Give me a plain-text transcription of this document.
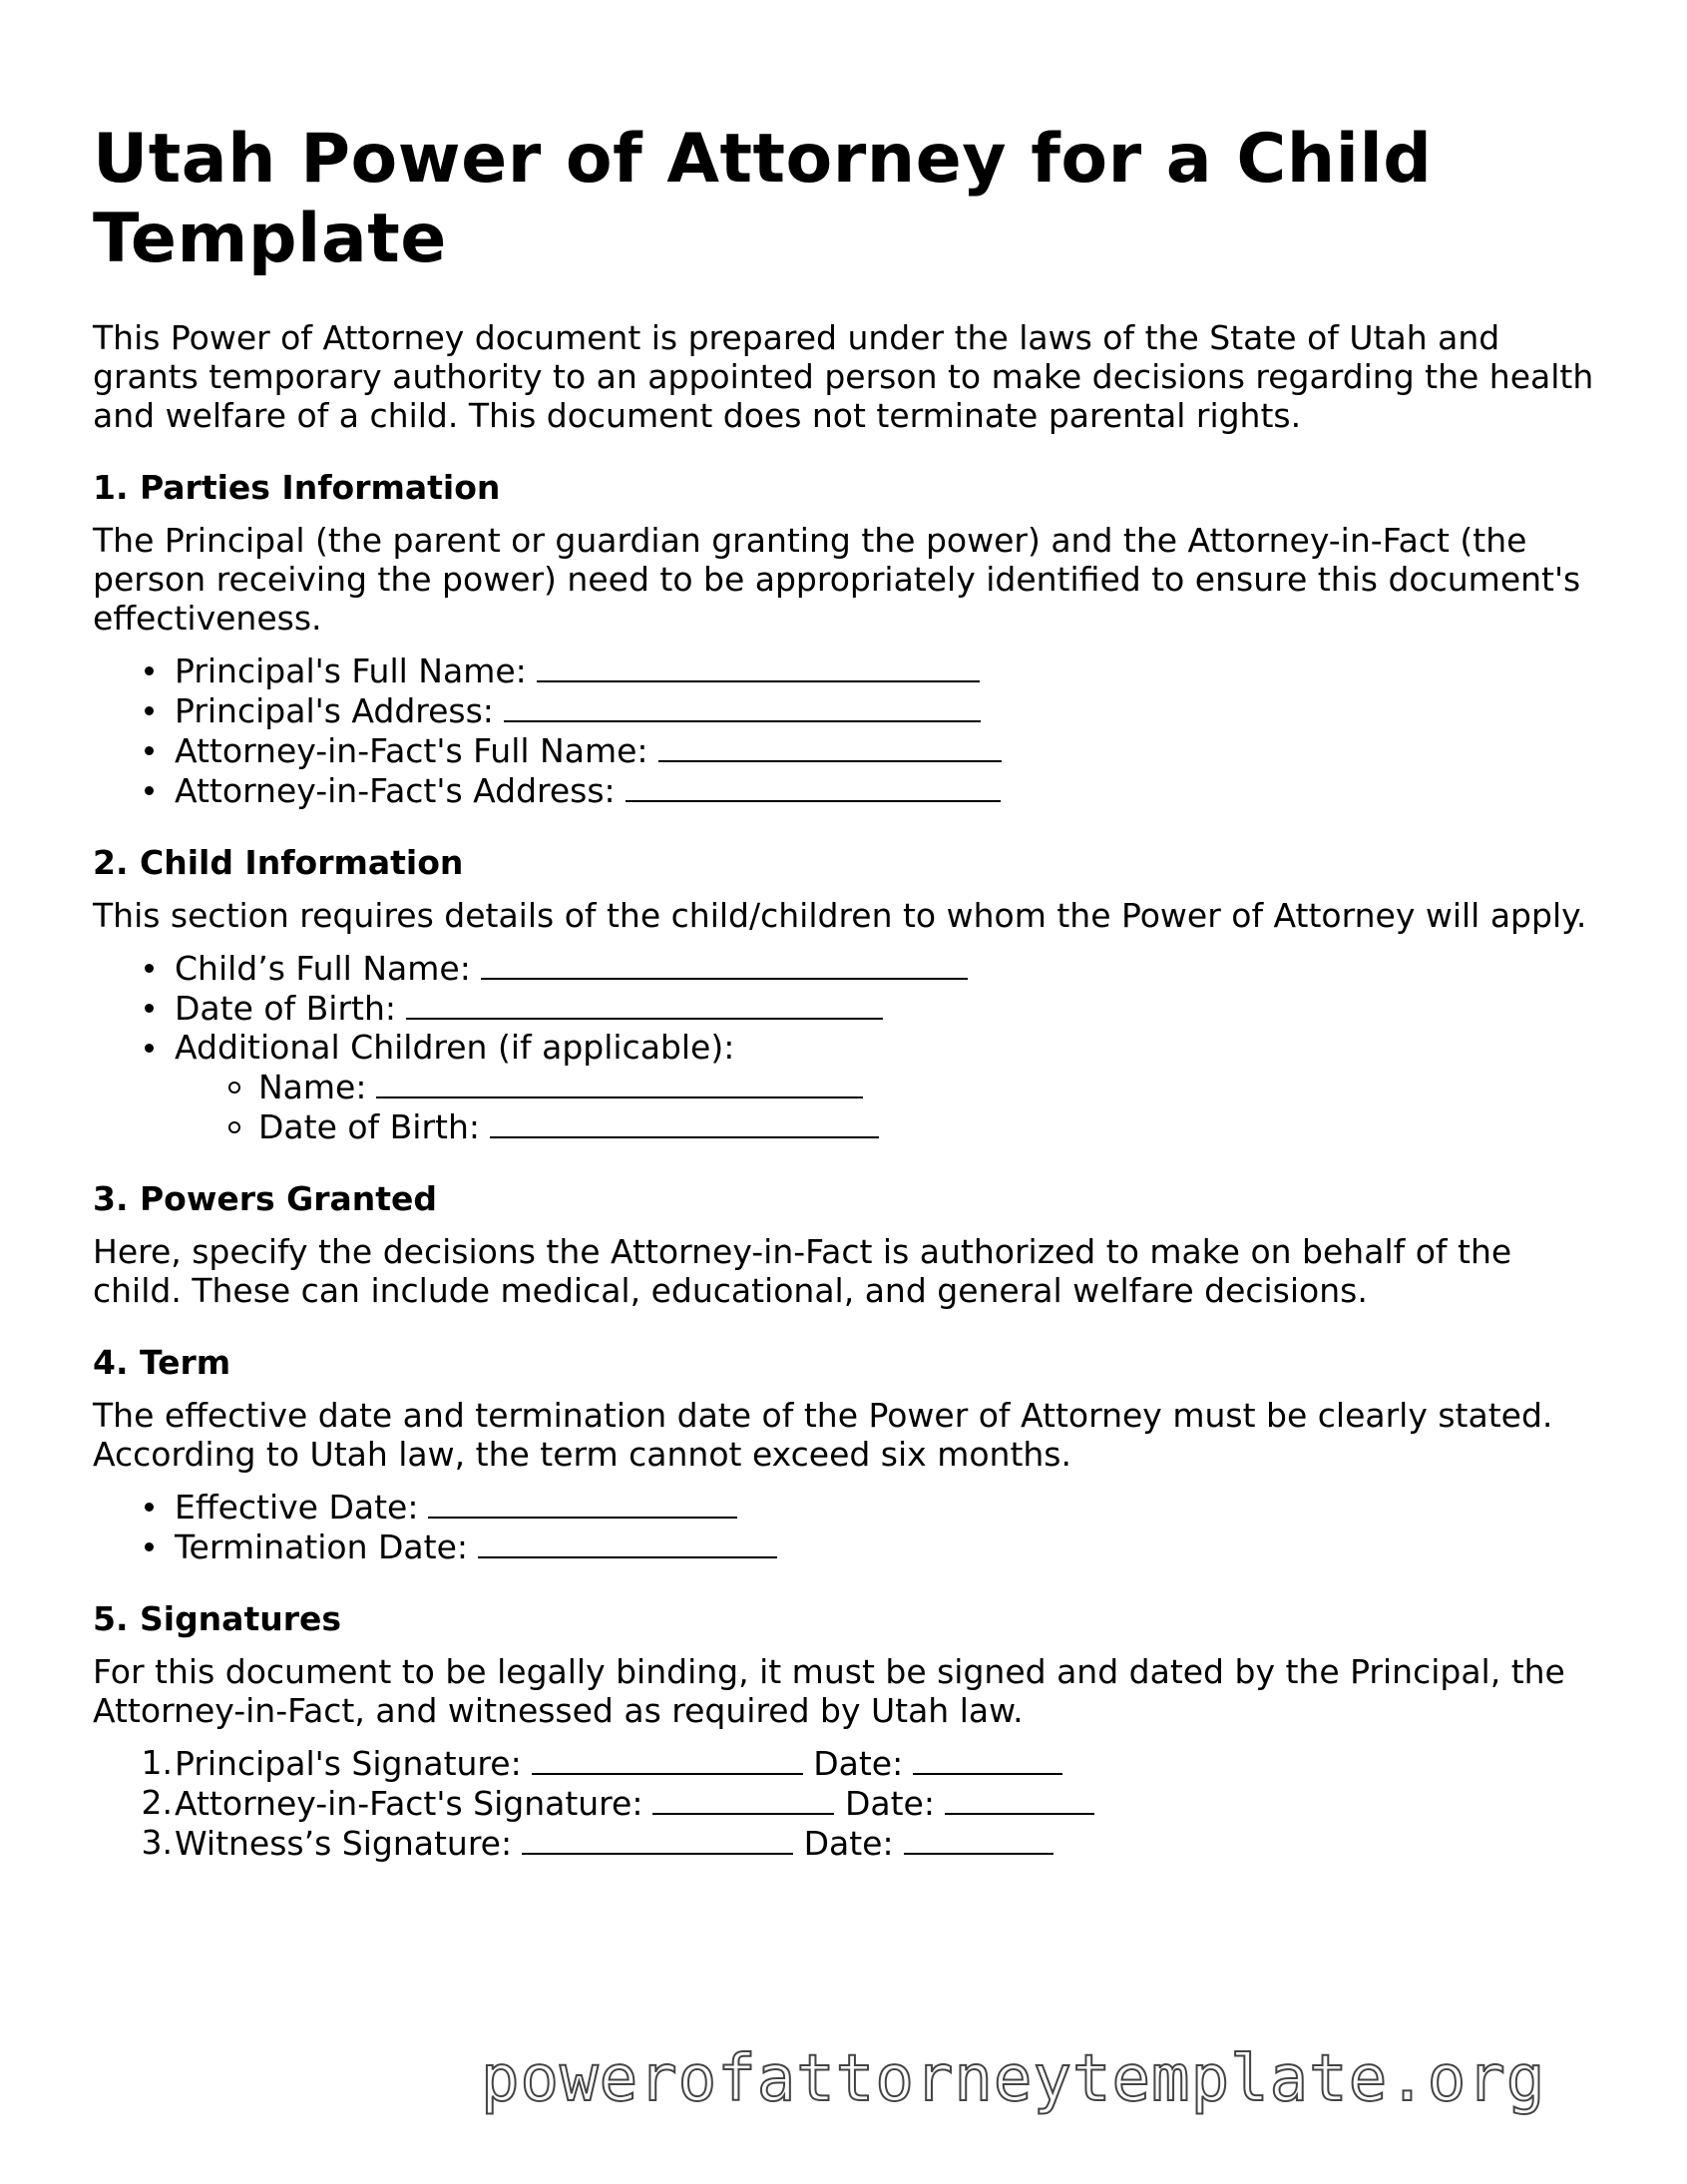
Utah Power of Attorney for a Child Template

This Power of Attorney document is prepared under the laws of the State of Utah and grants temporary authority to an appointed person to make decisions regarding the health and welfare of a child. This document does not terminate parental rights.

1. Parties Information

The Principal (the parent or guardian granting the power) and the Attorney-in-Fact (the person receiving the power) need to be appropriately identified to ensure this document's effectiveness.

Principal's Full Name:
Principal's Address:
Attorney-in-Fact's Full Name:
Attorney-in-Fact's Address:
2. Child Information

This section requires details of the child/children to whom the Power of Attorney will apply.

Child’s Full Name:
Date of Birth:
Additional Children (if applicable):
Name:
Date of Birth:
3. Powers Granted

Here, specify the decisions the Attorney-in-Fact is authorized to make on behalf of the child. These can include medical, educational, and general welfare decisions.

4. Term

The effective date and termination date of the Power of Attorney must be clearly stated. According to Utah law, the term cannot exceed six months.

Effective Date:
Termination Date:
5. Signatures

For this document to be legally binding, it must be signed and dated by the Principal, the Attorney-in-Fact, and witnessed as required by Utah law.

1. Principal's Signature:	Date:
2. Attorney-in-Fact's Signature:	Date:
3. Witness’s Signature:	Date:
powerofattorneytemplate.org
